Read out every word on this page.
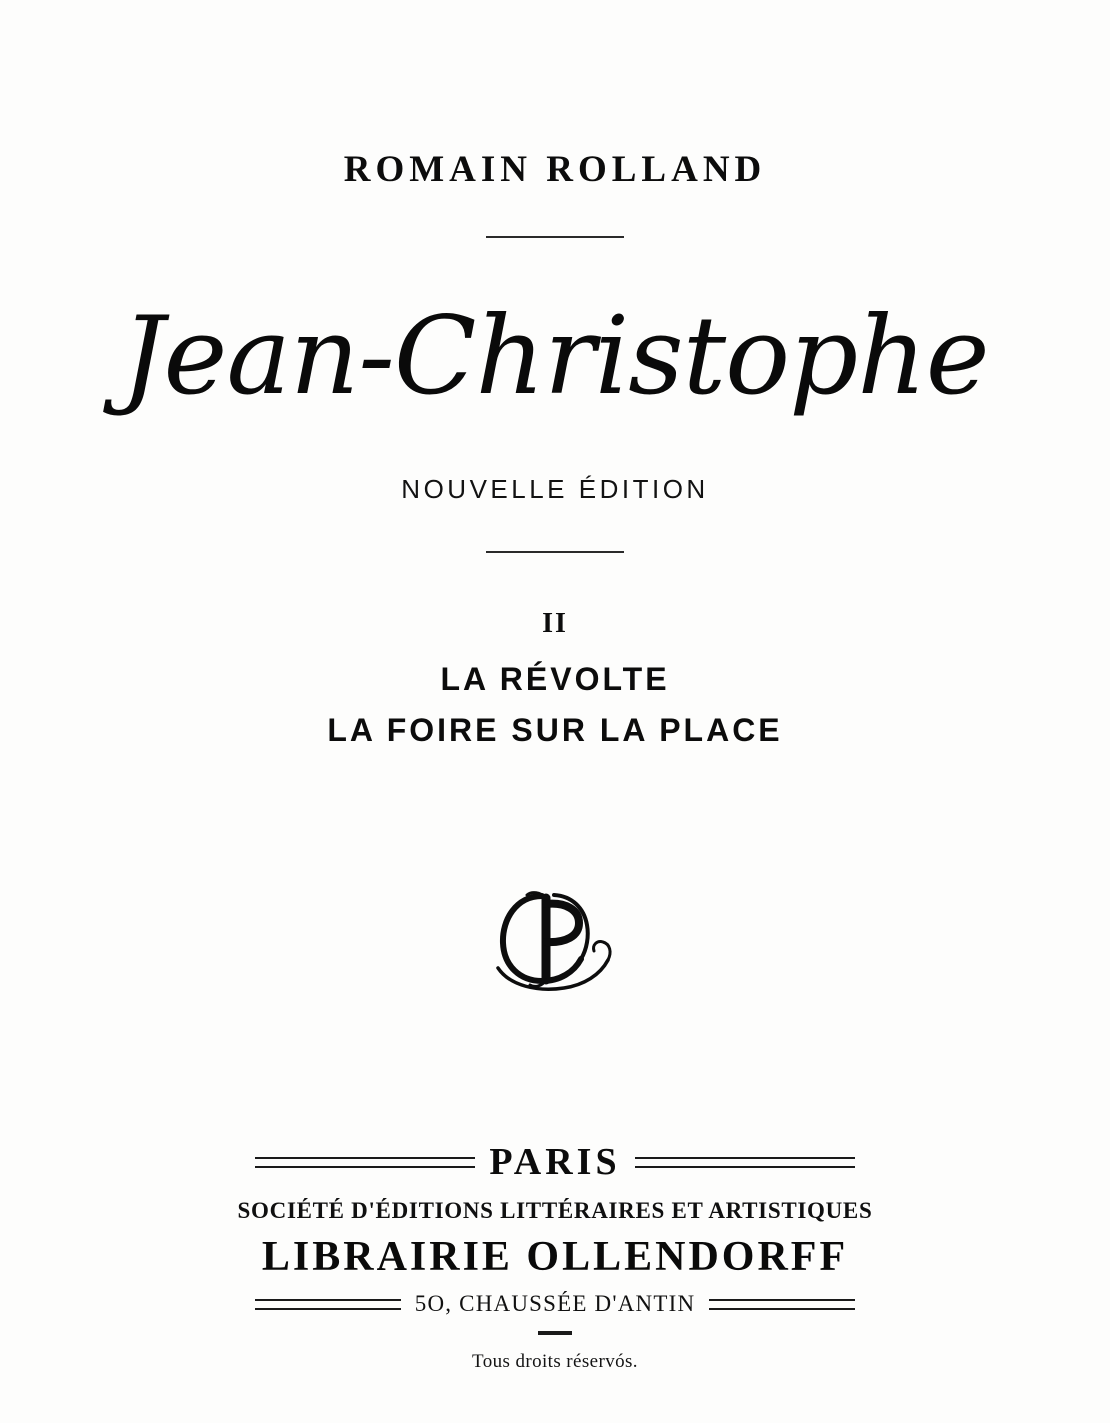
ROMAIN ROLLAND
Jean-Christophe
NOUVELLE ÉDITION
II
LA RÉVOLTE
LA FOIRE SUR LA PLACE
PARIS
SOCIÉTÉ D'ÉDITIONS LITTÉRAIRES ET ARTISTIQUES
LIBRAIRIE OLLENDORFF
5O, CHAUSSÉE D'ANTIN
Tous droits réservós.
